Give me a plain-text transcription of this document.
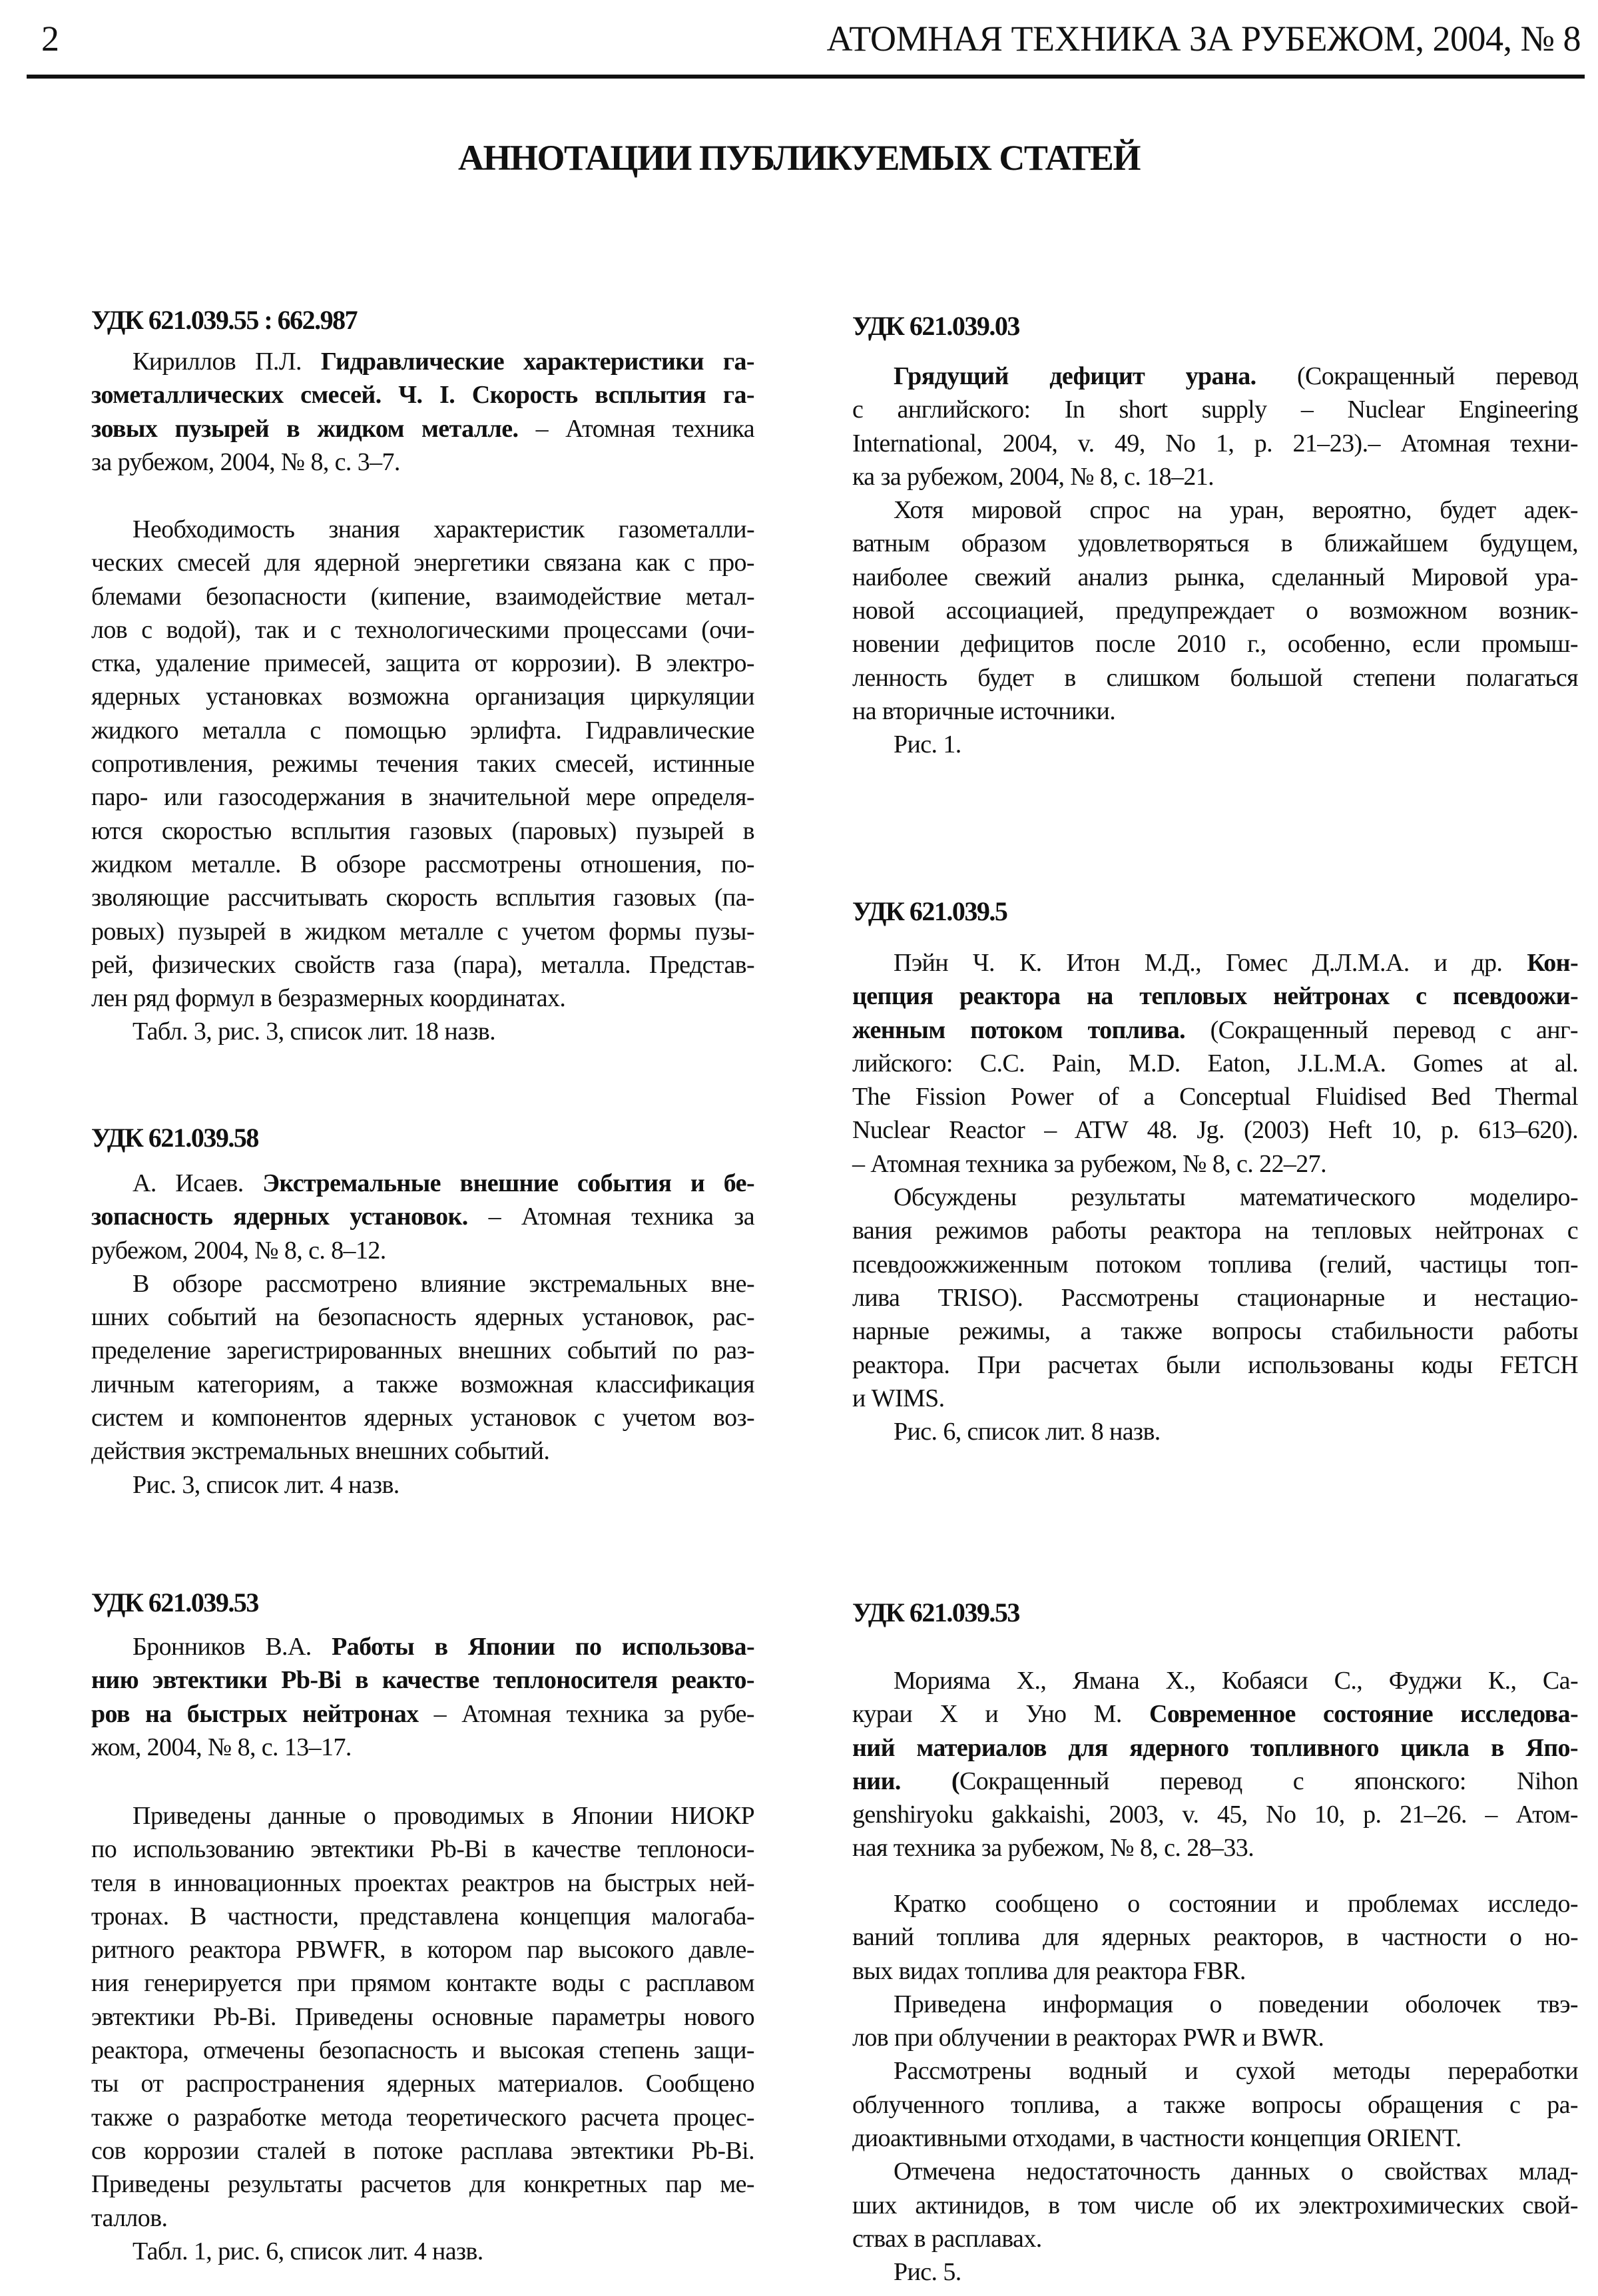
2	АТОМНАЯ ТЕХНИКА ЗА РУБЕЖОМ, 2004, № 8
АННОТАЦИИ ПУБЛИКУЕМЫХ СТАТЕЙ
УДК 621.039.55 : 662.987
Кириллов П.Л. Гидравлические характеристики га-
зометаллических смесей. Ч. I. Скорость всплытия га-
зовых пузырей в жидком металле. – Атомная техника
за рубежом, 2004, № 8, с. 3–7.
Необходимость знания характеристик газометалли-
ческих смесей для ядерной энергетики связана как с про-
блемами безопасности (кипение, взаимодействие метал-
лов с водой), так и с технологическими процессами (очи-
стка, удаление примесей, защита от коррозии). В электро-
ядерных установках возможна организация циркуляции
жидкого металла с помощью эрлифта. Гидравлические
сопротивления, режимы течения таких смесей, истинные
паро- или газосодержания в значительной мере определя-
ются скоростью всплытия газовых (паровых) пузырей в
жидком металле. В обзоре рассмотрены отношения, по-
зволяющие рассчитывать скорость всплытия газовых (па-
ровых) пузырей в жидком металле с учетом формы пузы-
рей, физических свойств газа (пара), металла. Представ-
лен ряд формул в безразмерных координатах.
Табл. 3, рис. 3, список лит. 18 назв.
УДК 621.039.58
А. Исаев. Экстремальные внешние события и бе-
зопасность ядерных установок. – Атомная техника за
рубежом, 2004, № 8, с. 8–12.
В обзоре рассмотрено влияние экстремальных вне-
шних событий на безопасность ядерных установок, рас-
пределение зарегистрированных внешних событий по раз-
личным категориям, а также возможная классификация
систем и компонентов ядерных установок с учетом воз-
действия экстремальных внешних событий.
Рис. 3, список лит. 4 назв.
УДК 621.039.53
Бронников В.А. Работы в Японии по использова-
нию эвтектики Pb-Bi в качестве теплоносителя реакто-
ров на быстрых нейтронах – Атомная техника за рубе-
жом, 2004, № 8, с. 13–17.
Приведены данные о проводимых в Японии НИОКР
по использованию эвтектики Pb-Bi в качестве теплоноси-
теля в инновационных проектах реактров на быстрых ней-
тронах. В частности, представлена концепция малогаба-
ритного реактора PBWFR, в котором пар высокого давле-
ния генерируется при прямом контакте воды с расплавом
эвтектики Pb-Bi. Приведены основные параметры нового
реактора, отмечены безопасность и высокая степень защи-
ты от распространения ядерных материалов. Сообщено
также о разработке метода теоретического расчета процес-
сов коррозии сталей в потоке расплава эвтектики Pb-Bi.
Приведены результаты расчетов для конкретных пар ме-
таллов.
Табл. 1, рис. 6, список лит. 4 назв.
УДК 621.039.03
Грядущий дефицит урана. (Сокращенный перевод
с английского: In short supply – Nuclear Engineering
International, 2004, v. 49, No 1, p. 21–23).– Атомная техни-
ка за рубежом, 2004, № 8, с. 18–21.
Хотя мировой спрос на уран, вероятно, будет адек-
ватным образом удовлетворяться в ближайшем будущем,
наиболее свежий анализ рынка, сделанный Мировой ура-
новой ассоциацией, предупреждает о возможном возник-
новении дефицитов после 2010 г., особенно, если промыш-
ленность будет в слишком большой степени полагаться
на вторичные источники.
Рис. 1.
УДК 621.039.5
Пэйн Ч. К. Итон М.Д., Гомес Д.Л.М.А. и др. Кон-
цепция реактора на тепловых нейтронах с псевдоожи-
женным потоком топлива. (Сокращенный перевод с анг-
лийского: C.C. Pain, M.D. Eaton, J.L.M.A. Gomes at al.
The Fission Power of a Conceptual Fluidised Bed Thermal
Nuclear Reactor – ATW 48. Jg. (2003) Heft 10, p. 613–620).
– Атомная техника за рубежом, № 8, с. 22–27.
Обсуждены результаты математического моделиро-
вания режимов работы реактора на тепловых нейтронах с
псевдоожжиженным потоком топлива (гелий, частицы топ-
лива TRISO). Рассмотрены стационарные и нестацио-
нарные режимы, а также вопросы стабильности работы
реактора. При расчетах были использованы коды FETCH
и WIMS.
Рис. 6, список лит. 8 назв.
УДК 621.039.53
Морияма Х., Ямана Х., Кобаяси С., Фуджи К., Са-
кураи Х и Уно М. Современное состояние исследова-
ний материалов для ядерного топливного цикла в Япо-
нии. (Сокращенный перевод с японского: Nihon
genshiryoku gakkaishi, 2003, v. 45, No 10, p. 21–26. – Атом-
ная техника за рубежом, № 8, с. 28–33.
Кратко сообщено о состоянии и проблемах исследо-
ваний топлива для ядерных реакторов, в частности о но-
вых видах топлива для реактора FBR.
Приведена информация о поведении оболочек твэ-
лов при облучении в реакторах PWR и BWR.
Рассмотрены водный и сухой методы переработки
облученного топлива, а также вопросы обращения с ра-
диоактивными отходами, в частности концепция ORIENT.
Отмечена недостаточность данных о свойствах млад-
ших актинидов, в том числе об их электрохимических свой-
ствах в расплавах.
Рис. 5.
